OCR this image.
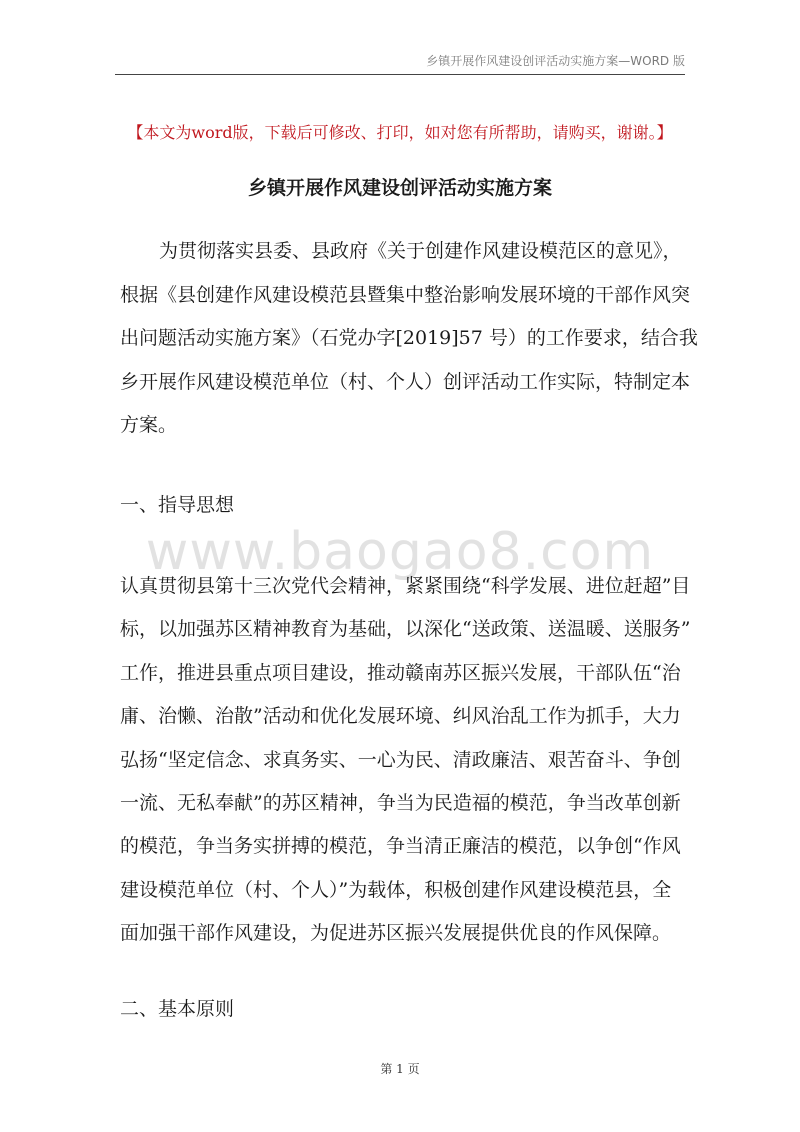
乡镇开展作风建设创评活动实施方案—WORD 版
【本文为word版，下载后可修改、打印，如对您有所帮助，请购买，谢谢。】
乡镇开展作风建设创评活动实施方案
为贯彻落实县委、县政府《关于创建作风建设模范区的意见》，
根据《县创建作风建设模范县暨集中整治影响发展环境的干部作风突
出问题活动实施方案》（石党办字[2019]57 号）的工作要求，结合我
乡开展作风建设模范单位（村、个人）创评活动工作实际，特制定本
方案。
一、指导思想
www.baogao8.com
认真贯彻县第十三次党代会精神，紧紧围绕“科学发展、进位赶超”目
标，以加强苏区精神教育为基础，以深化“送政策、送温暖、送服务”
工作，推进县重点项目建设，推动赣南苏区振兴发展，干部队伍“治
庸、治懒、治散”活动和优化发展环境、纠风治乱工作为抓手，大力
弘扬“坚定信念、求真务实、一心为民、清政廉洁、艰苦奋斗、争创
一流、无私奉献”的苏区精神，争当为民造福的模范，争当改革创新
的模范，争当务实拼搏的模范，争当清正廉洁的模范，以争创“作风
建设模范单位（村、个人）”为载体，积极创建作风建设模范县，全
面加强干部作风建设，为促进苏区振兴发展提供优良的作风保障。
二、基本原则
第 1 页
